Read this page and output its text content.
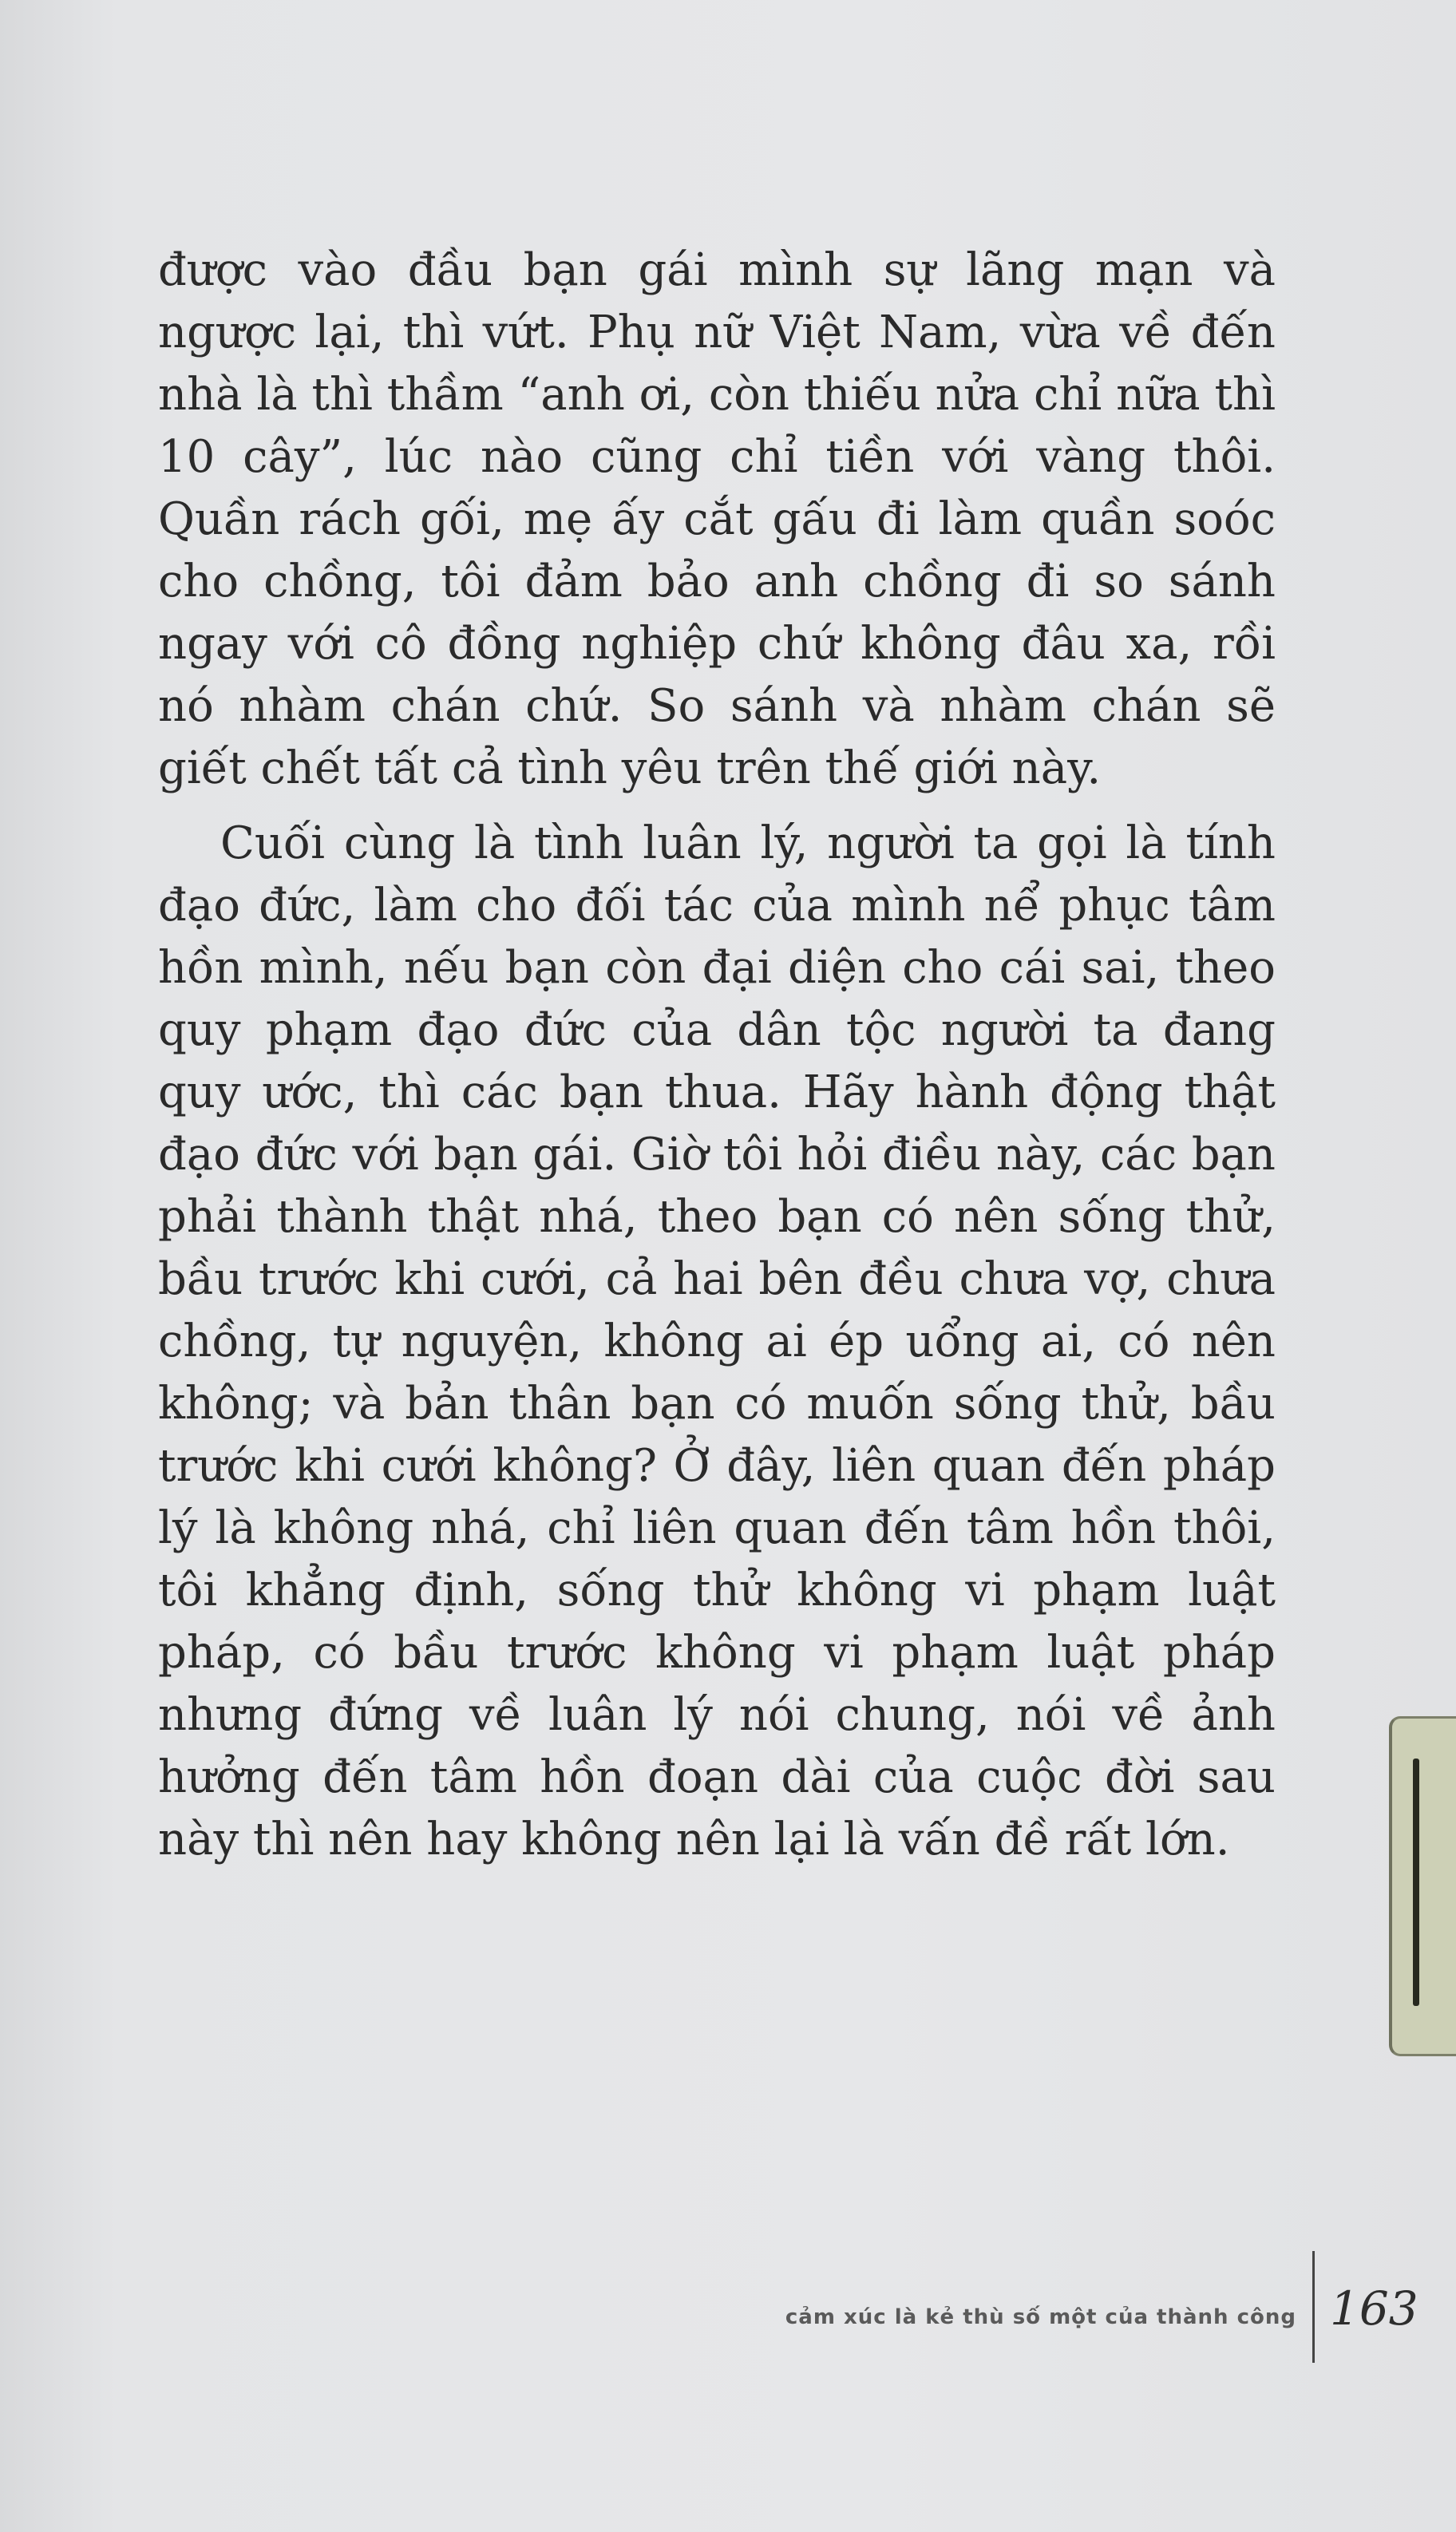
được vào đầu bạn gái mình sự lãng mạn và ngược lại, thì vứt. Phụ nữ Việt Nam, vừa về đến nhà là thì thầm “anh ơi, còn thiếu nửa chỉ nữa thì 10 cây”, lúc nào cũng chỉ tiền với vàng thôi. Quần rách gối, mẹ ấy cắt gấu đi làm quần soóc cho chồng, tôi đảm bảo anh chồng đi so sánh ngay với cô đồng nghiệp chứ không đâu xa, rồi nó nhàm chán chứ. So sánh và nhàm chán sẽ giết chết tất cả tình yêu trên thế giới này.

Cuối cùng là tình luân lý, người ta gọi là tính đạo đức, làm cho đối tác của mình nể phục tâm hồn mình, nếu bạn còn đại diện cho cái sai, theo quy phạm đạo đức của dân tộc người ta đang quy ước, thì các bạn thua. Hãy hành động thật đạo đức với bạn gái. Giờ tôi hỏi điều này, các bạn phải thành thật nhá, theo bạn có nên sống thử, bầu trước khi cưới, cả hai bên đều chưa vợ, chưa chồng, tự nguyện, không ai ép uổng ai, có nên không; và bản thân bạn có muốn sống thử, bầu trước khi cưới không? Ở đây, liên quan đến pháp lý là không nhá, chỉ liên quan đến tâm hồn thôi, tôi khẳng định, sống thử không vi phạm luật pháp, có bầu trước không vi phạm luật pháp nhưng đứng về luân lý nói chung, nói về ảnh hưởng đến tâm hồn đoạn dài của cuộc đời sau này thì nên hay không nên lại là vấn đề rất lớn.

cảm xúc là kẻ thù số một của thành công 163
